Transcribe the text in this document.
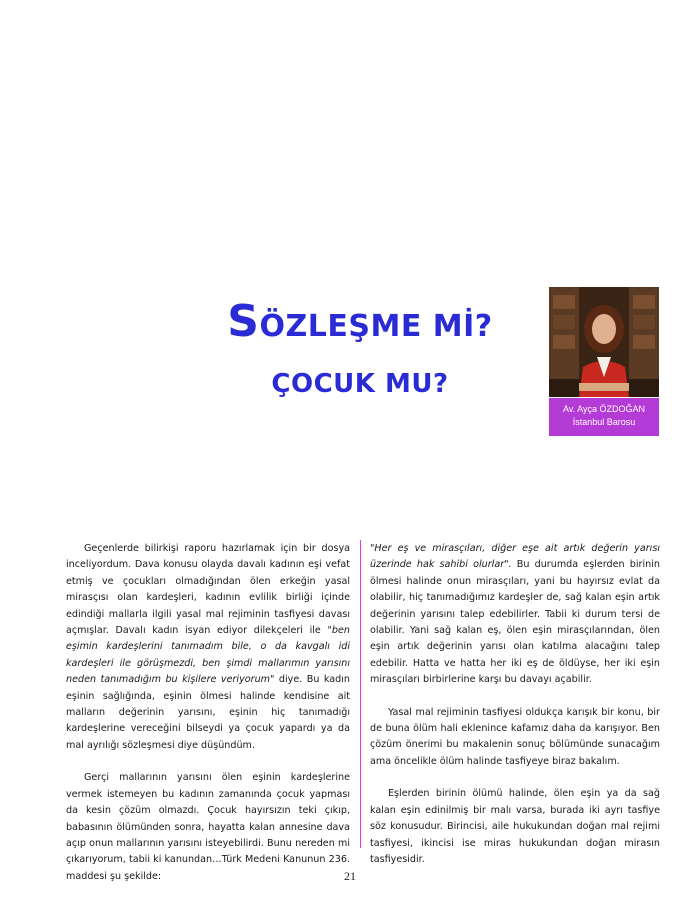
SÖZLEŞME Mİ?
ÇOCUK MU?
Av. Ayça ÖZDOĞAN
İstanbul Barosu

Geçenlerde bilirkişi raporu hazırlamak için bir dosya inceliyordum. Dava konusu olayda davalı kadının eşi vefat etmiş ve çocukları olmadığından ölen erkeğin yasal mirasçısı olan kardeşleri, kadının evlilik birliği içinde edindiği mallarla ilgili yasal mal rejiminin tasfiyesi davası açmışlar. Davalı kadın isyan ediyor dilekçeleri ile "ben eşimin kardeşlerini tanımadım bile, o da kavgalı idi kardeşleri ile görüşmezdi, ben şimdi mallarımın yarısını neden tanımadığım bu kişilere veriyorum" diye. Bu kadın eşinin sağlığında, eşinin ölmesi halinde kendisine ait malların değerinin yarısını, eşinin hiç tanımadığı kardeşlerine vereceğini bilseydi ya çocuk yapardı ya da mal ayrılığı sözleşmesi diye düşündüm.

Gerçi mallarının yarısını ölen eşinin kardeşlerine vermek istemeyen bu kadının zamanında çocuk yapması da kesin çözüm olmazdı. Çocuk hayırsızın teki çıkıp, babasının ölümünden sonra, hayatta kalan annesine dava açıp onun mallarının yarısını isteyebilirdi. Bunu nereden mi çıkarıyorum, tabii ki kanundan…Türk Medeni Kanunun 236. maddesi şu şekilde:

"Her eş ve mirasçıları, diğer eşe ait artık değerin yarısı üzerinde hak sahibi olurlar". Bu durumda eşlerden birinin ölmesi halinde onun mirasçıları, yani bu hayırsız evlat da olabilir, hiç tanımadığımız kardeşler de, sağ kalan eşin artık değerinin yarısını talep edebilirler. Tabii ki durum tersi de olabilir. Yani sağ kalan eş, ölen eşin mirasçılarından, ölen eşin artık değerinin yarısı olan katılma alacağını talep edebilir. Hatta ve hatta her iki eş de öldüyse, her iki eşin mirasçıları birbirlerine karşı bu davayı açabilir.

Yasal mal rejiminin tasfiyesi oldukça karışık bir konu, bir de buna ölüm hali eklenince kafamız daha da karışıyor. Ben çözüm önerimi bu makalenin sonuç bölümünde sunacağım ama öncelikle ölüm halinde tasfiyeye biraz bakalım.

Eşlerden birinin ölümü halinde, ölen eşin ya da sağ kalan eşin edinilmiş bir malı varsa, burada iki ayrı tasfiye söz konusudur. Birincisi, aile hukukundan doğan mal rejimi tasfiyesi, ikincisi ise miras hukukundan doğan mirasın tasfiyesidir.

21
